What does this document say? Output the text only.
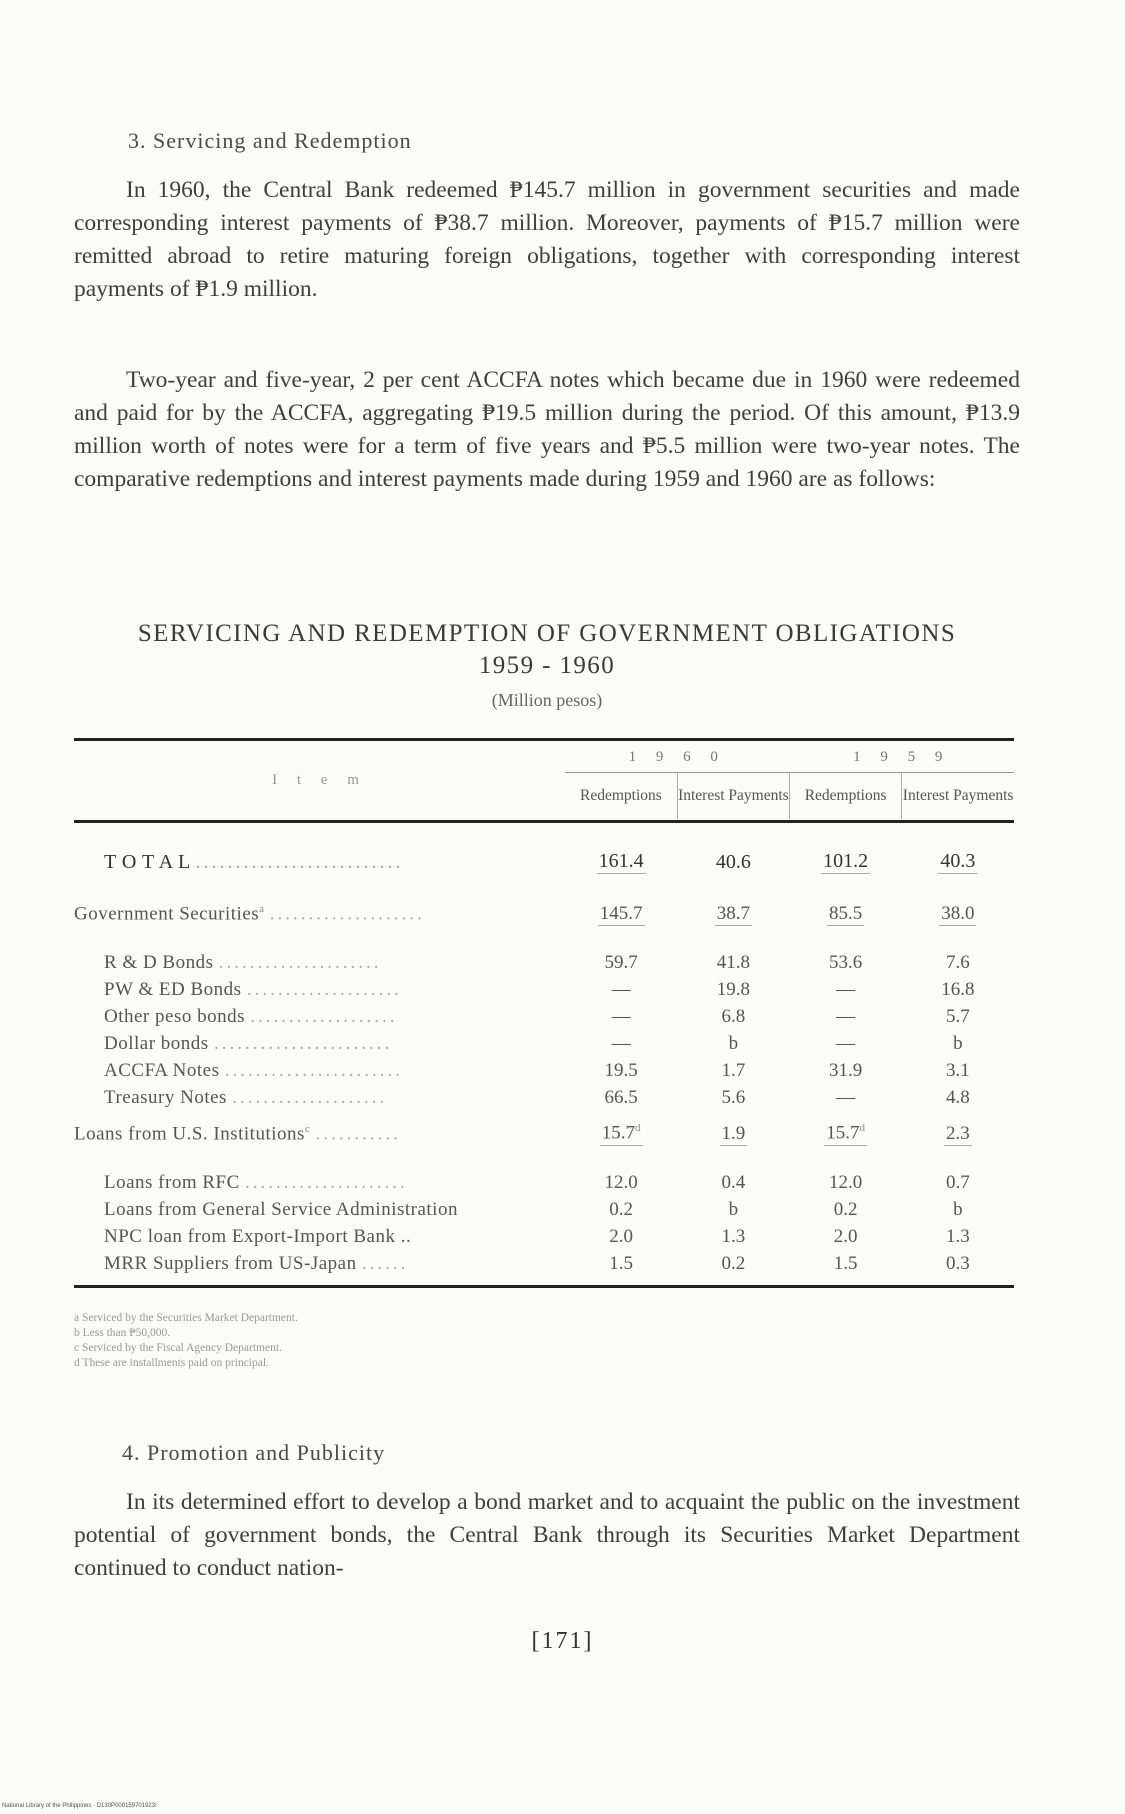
3. Servicing and Redemption

In 1960, the Central Bank redeemed ₱145.7 million in government securities and made corresponding interest payments of ₱38.7 million. Moreover, payments of ₱15.7 million were remitted abroad to retire maturing foreign obligations, together with corresponding interest payments of ₱1.9 million.

Two-year and five-year, 2 per cent ACCFA notes which became due in 1960 were redeemed and paid for by the ACCFA, aggregating ₱19.5 million during the period. Of this amount, ₱13.9 million worth of notes were for a term of five years and ₱5.5 million were two-year notes. The comparative redemptions and interest payments made during 1959 and 1960 are as follows:

SERVICING AND REDEMPTION OF GOVERNMENT OBLIGATIONS
1959 - 1960
(Million pesos)
I t e m	1 9 6 0		1 9 5 9	
	Redemptions	Interest Payments	Redemptions	Interest Payments

T O T A L ..........................	161.4	40.6	101.2	40.3

Government Securities$^a$ ....................	145.7	38.7	85.5	38.0

R & D Bonds .....................	59.7	41.8	53.6	7.6

PW & ED Bonds ....................	—	19.8	—	16.8

Other peso bonds ...................	—	6.8	—	5.7

Dollar bonds .......................	—	b	—	b

ACCFA Notes .......................	19.5	1.7	31.9	3.1

Treasury Notes ....................	66.5	5.6	—	4.8

Loans from U.S. Institutions$^c$ ...........	15.7$^d$	1.9	15.7$^d$	2.3

Loans from RFC .....................	12.0	0.4	12.0	0.7

Loans from General Service Administration	0.2	b	0.2	b

NPC loan from Export-Import Bank ..	2.0	1.3	2.0	1.3

MRR Suppliers from US-Japan ......	1.5	0.2	1.5	0.3
a Serviced by the Securities Market Department.
b Less than ₱50,000.
c Serviced by the Fiscal Agency Department.
d These are installments paid on principal.
4. Promotion and Publicity

In its determined effort to develop a bond market and to acquaint the public on the investment potential of government bonds, the Central Bank through its Securities Market Department continued to conduct nation-

[171]
National Library of the Philippines · D130P000159701923!
